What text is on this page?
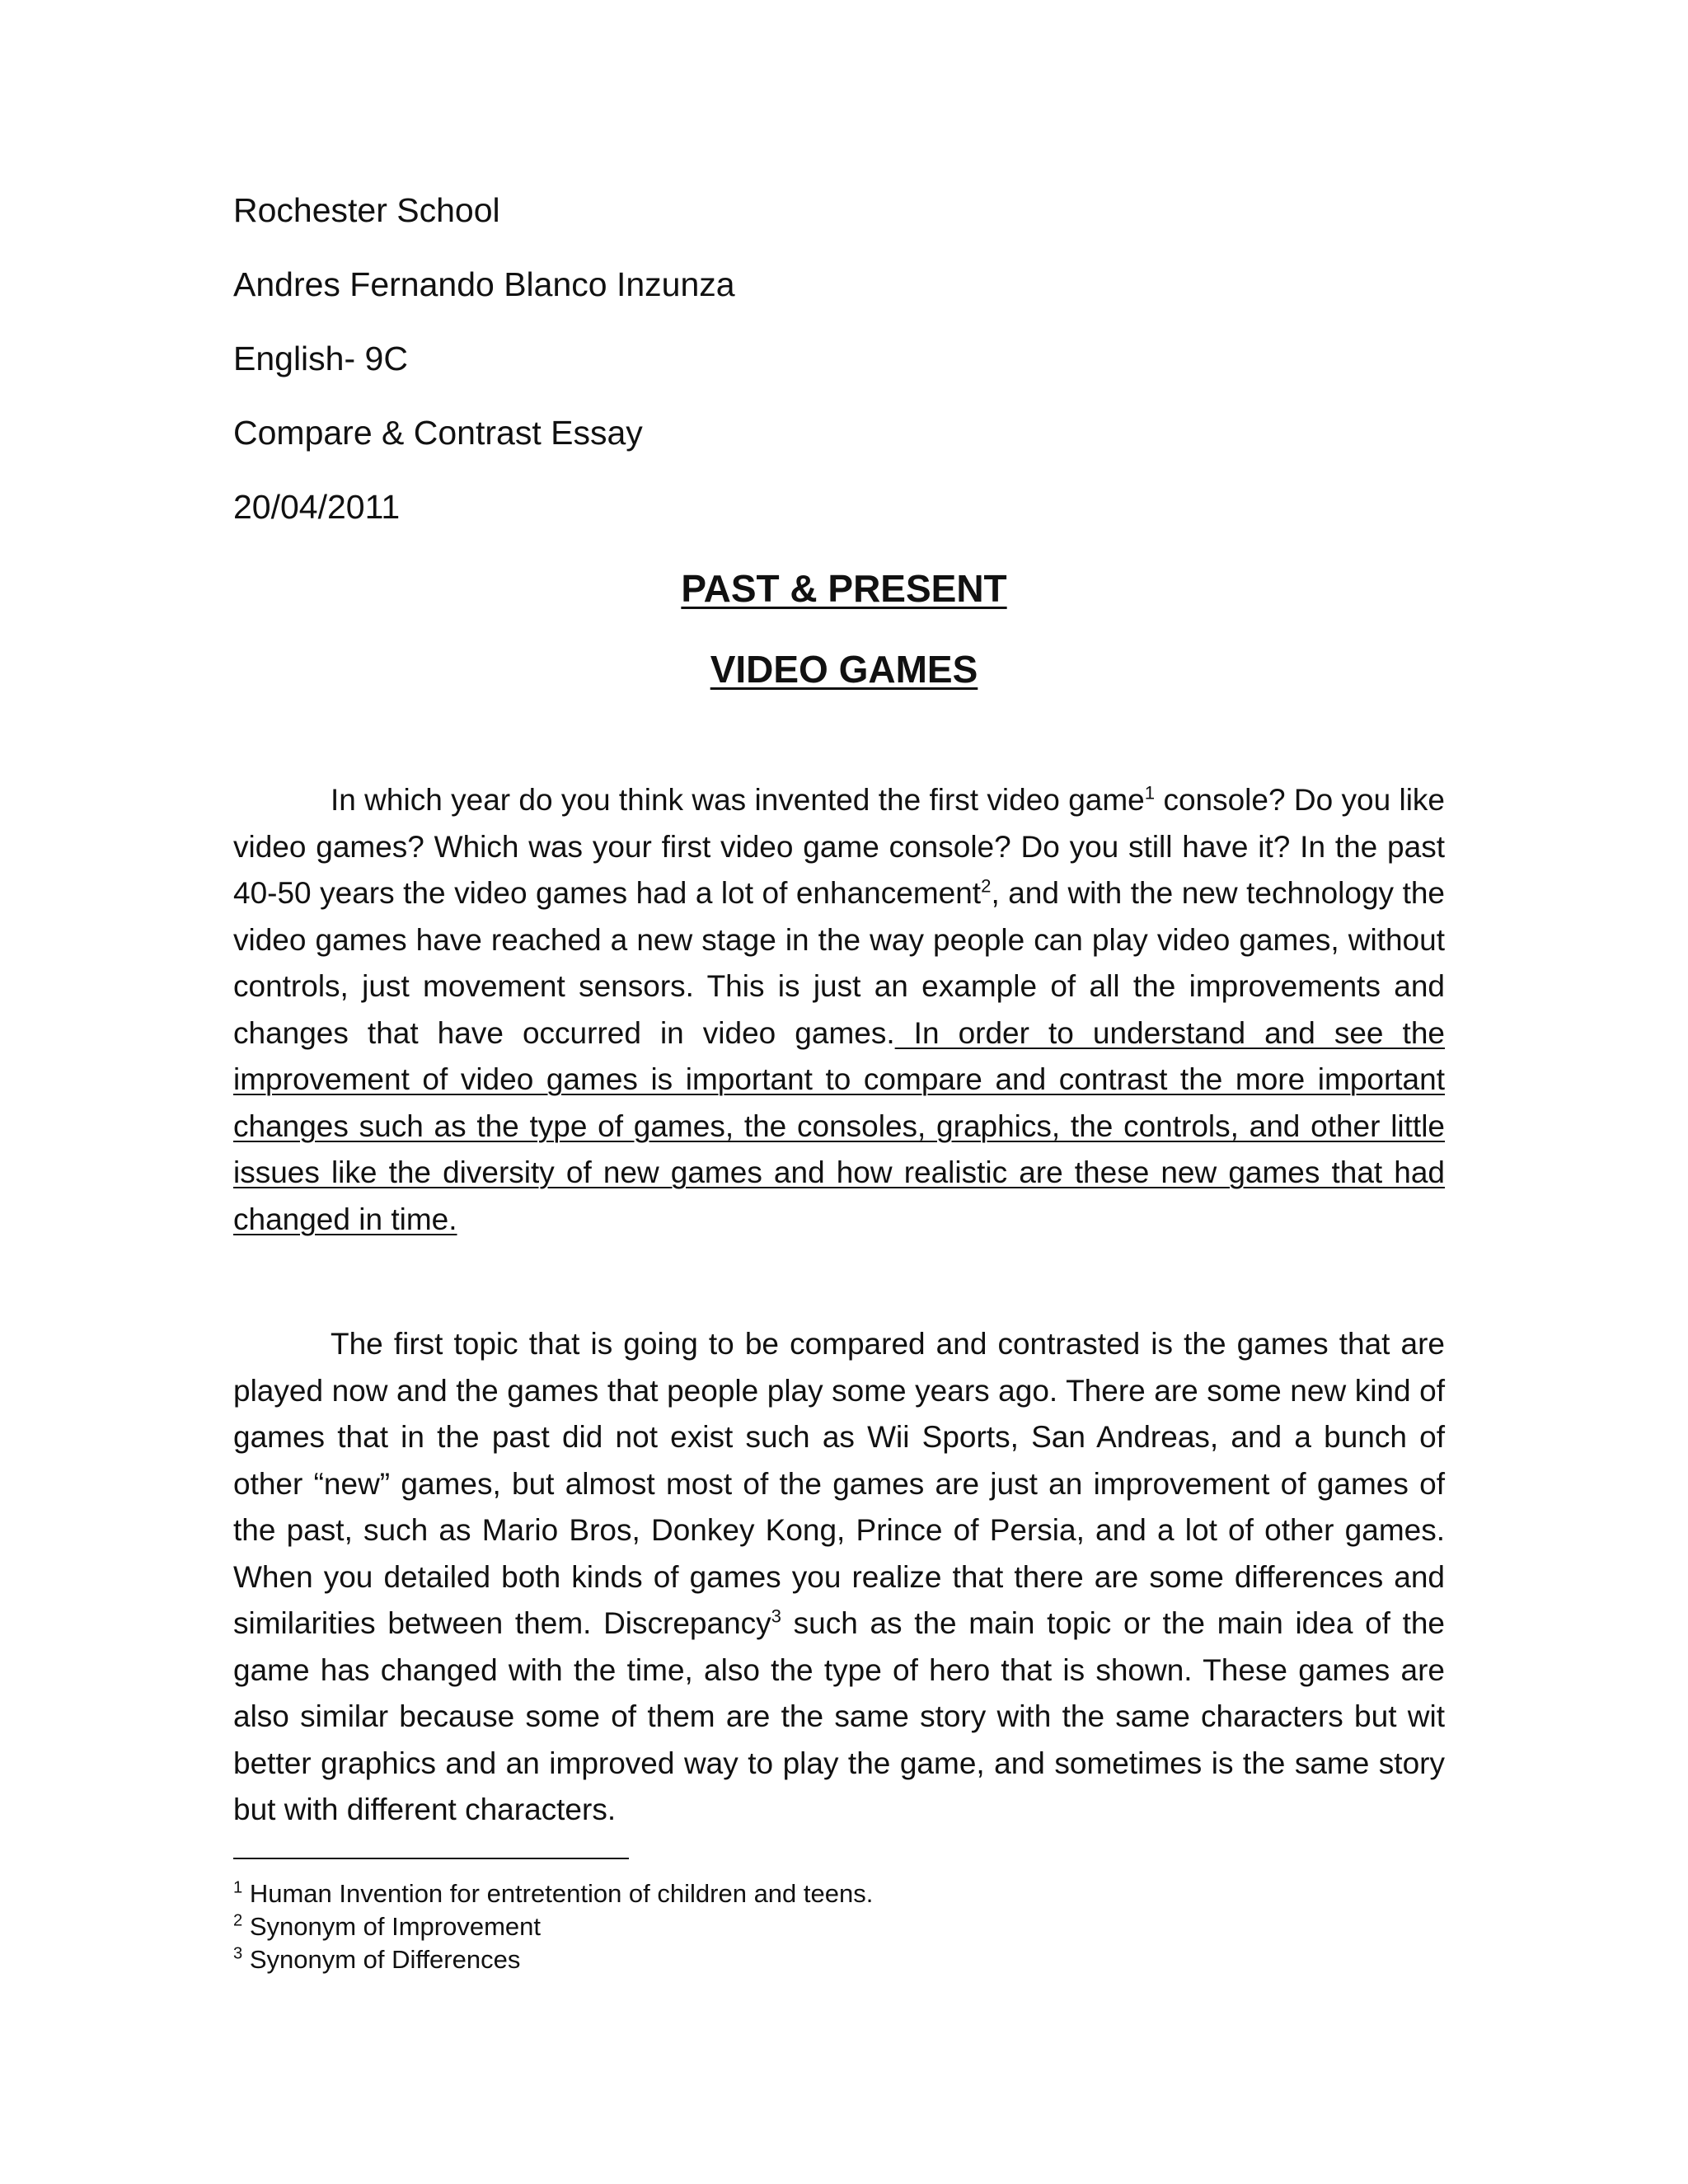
Rochester School
Andres Fernando Blanco Inzunza
English- 9C
Compare & Contrast Essay
20/04/2011
PAST & PRESENT
VIDEO GAMES

In which year do you think was invented the first video game$^1$ console? Do you like video games? Which was your first video game console? Do you still have it? In the past 40-50 years the video games had a lot of enhancement$^2$, and with the new technology the video games have reached a new stage in the way people can play video games, without controls, just movement sensors. This is just an example of all the improvements and changes that have occurred in video games. In order to understand and see the improvement of video games is important to compare and contrast the more important changes such as the type of games, the consoles, graphics, the controls, and other little issues like the diversity of new games and how realistic are these new games that had changed in time.

The first topic that is going to be compared and contrasted is the games that are played now and the games that people play some years ago. There are some new kind of games that in the past did not exist such as Wii Sports, San Andreas, and a bunch of other “new” games, but almost most of the games are just an improvement of games of the past, such as Mario Bros, Donkey Kong, Prince of Persia, and a lot of other games. When you detailed both kinds of games you realize that there are some differences and similarities between them. Discrepancy$^3$ such as the main topic or the main idea of the game has changed with the time, also the type of hero that is shown. These games are also similar because some of them are the same story with the same characters but wit better graphics and an improved way to play the game, and sometimes is the same story but with different characters.

$^1$ Human Invention for entretention of children and teens.
$^2$ Synonym of Improvement
$^3$ Synonym of Differences
